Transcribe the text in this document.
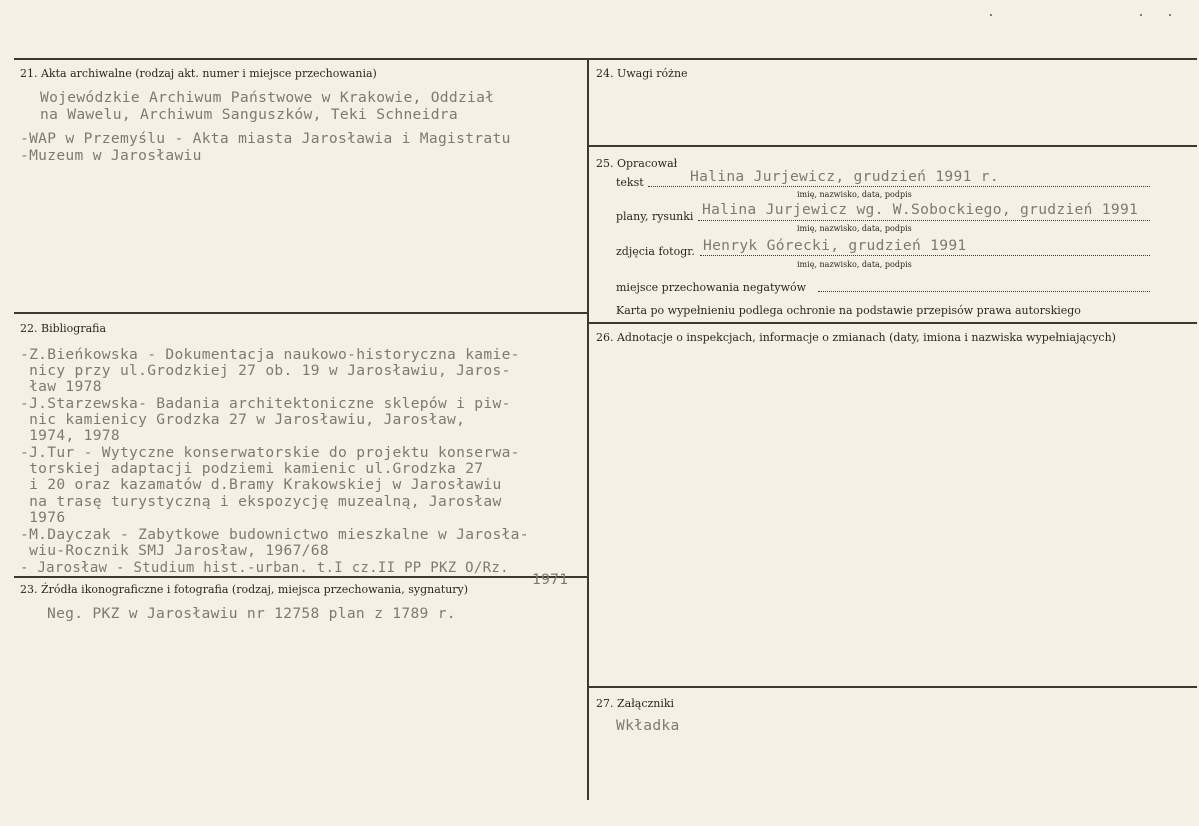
21. Akta archiwalne (rodzaj akt. numer i miejsce przechowania)
Wojewódzkie Archiwum Państwowe w Krakowie, Oddział
na Wawelu, Archiwum Sanguszków, Teki Schneidra
-WAP w Przemyślu - Akta miasta Jarosławia i Magistratu
-Muzeum w Jarosławiu
22. Bibliografia
-Z.Bieńkowska - Dokumentacja naukowo-historyczna kamie-
nicy przy ul.Grodzkiej 27 ob. 19 w Jarosławiu, Jaros-
ław 1978
-J.Starzewska- Badania architektoniczne sklepów i piw-
nic kamienicy Grodzka 27 w Jarosławiu, Jarosław,
1974, 1978
-J.Tur - Wytyczne konserwatorskie do projektu konserwa-
torskiej adaptacji podziemi kamienic ul.Grodzka 27
i 20 oraz kazamatów d.Bramy Krakowskiej w Jarosławiu
na trasę turystyczną i ekspozycję muzealną, Jarosław
1976
-M.Dayczak - Zabytkowe budownictwo mieszkalne w Jarosła-
wiu-Rocznik SMJ Jarosław, 1967/68
- Jarosław - Studium hist.-urban. t.I cz.II PP PKZ O/Rz.
1971
23. Źródła ikonograficzne i fotografia (rodzaj, miejsca przechowania, sygnatury)
Neg. PKZ w Jarosławiu nr 12758 plan z 1789 r.
24. Uwagi różne
25. Opracował
tekst	Halina Jurjewicz, grudzień 1991 r.
imię, nazwisko, data, podpis
plany, rysunki Halina Jurjewicz wg. W.Sobockiego, grudzień 1991
imię, nazwisko, data, podpis
zdjęcia fotogr. Henryk Górecki, grudzień 1991
imię, nazwisko, data, podpis
miejsce przechowania negatywów
Karta po wypełnieniu podlega ochronie na podstawie przepisów prawa autorskiego
26. Adnotacje o inspekcjach, informacje o zmianach (daty, imiona i nazwiska wypełniających)
27. Załączniki
Wkładka
